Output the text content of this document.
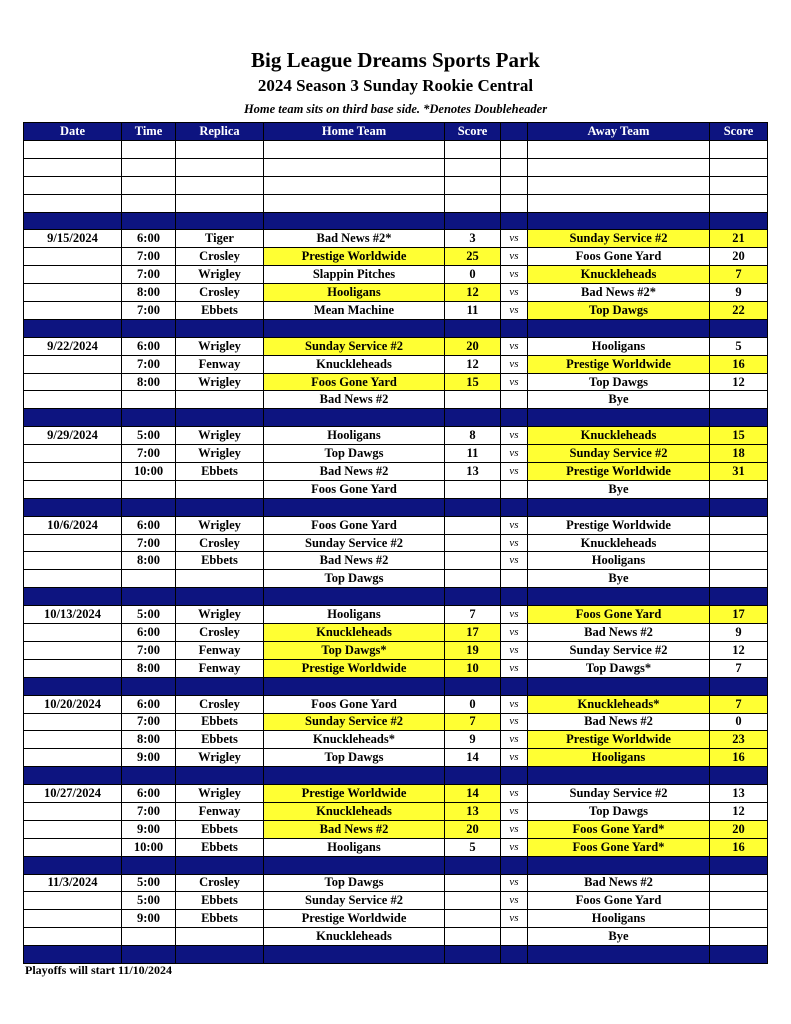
Big League Dreams Sports Park
2024 Season 3 Sunday Rookie Central
Home team sits on third base side. *Denotes Doubleheader
Date	Time	Replica	Home Team	Score		Away Team	Score

9/15/2024	6:00	Tiger	Bad News #2*	3	vs	Sunday Service #2	21
	7:00	Crosley	Prestige Worldwide	25	vs	Foos Gone Yard	20
	7:00	Wrigley	Slappin Pitches	0	vs	Knuckleheads	7
	8:00	Crosley	Hooligans	12	vs	Bad News #2*	9
	7:00	Ebbets	Mean Machine	11	vs	Top Dawgs	22

9/22/2024	6:00	Wrigley	Sunday Service #2	20	vs	Hooligans	5
	7:00	Fenway	Knuckleheads	12	vs	Prestige Worldwide	16
	8:00	Wrigley	Foos Gone Yard	15	vs	Top Dawgs	12
			Bad News #2			Bye	

9/29/2024	5:00	Wrigley	Hooligans	8	vs	Knuckleheads	15
	7:00	Wrigley	Top Dawgs	11	vs	Sunday Service #2	18
	10:00	Ebbets	Bad News #2	13	vs	Prestige Worldwide	31
			Foos Gone Yard			Bye	

10/6/2024	6:00	Wrigley	Foos Gone Yard		vs	Prestige Worldwide	
	7:00	Crosley	Sunday Service #2		vs	Knuckleheads	
	8:00	Ebbets	Bad News #2		vs	Hooligans	
			Top Dawgs			Bye	

10/13/2024	5:00	Wrigley	Hooligans	7	vs	Foos Gone Yard	17
	6:00	Crosley	Knuckleheads	17	vs	Bad News #2	9
	7:00	Fenway	Top Dawgs*	19	vs	Sunday Service #2	12
	8:00	Fenway	Prestige Worldwide	10	vs	Top Dawgs*	7

10/20/2024	6:00	Crosley	Foos Gone Yard	0	vs	Knuckleheads*	7
	7:00	Ebbets	Sunday Service #2	7	vs	Bad News #2	0
	8:00	Ebbets	Knuckleheads*	9	vs	Prestige Worldwide	23
	9:00	Wrigley	Top Dawgs	14	vs	Hooligans	16

10/27/2024	6:00	Wrigley	Prestige Worldwide	14	vs	Sunday Service #2	13
	7:00	Fenway	Knuckleheads	13	vs	Top Dawgs	12
	9:00	Ebbets	Bad News #2	20	vs	Foos Gone Yard*	20
	10:00	Ebbets	Hooligans	5	vs	Foos Gone Yard*	16

11/3/2024	5:00	Crosley	Top Dawgs		vs	Bad News #2	
	5:00	Ebbets	Sunday Service #2		vs	Foos Gone Yard	
	9:00	Ebbets	Prestige Worldwide		vs	Hooligans	
			Knuckleheads			Bye	

Playoffs will start 11/10/2024
